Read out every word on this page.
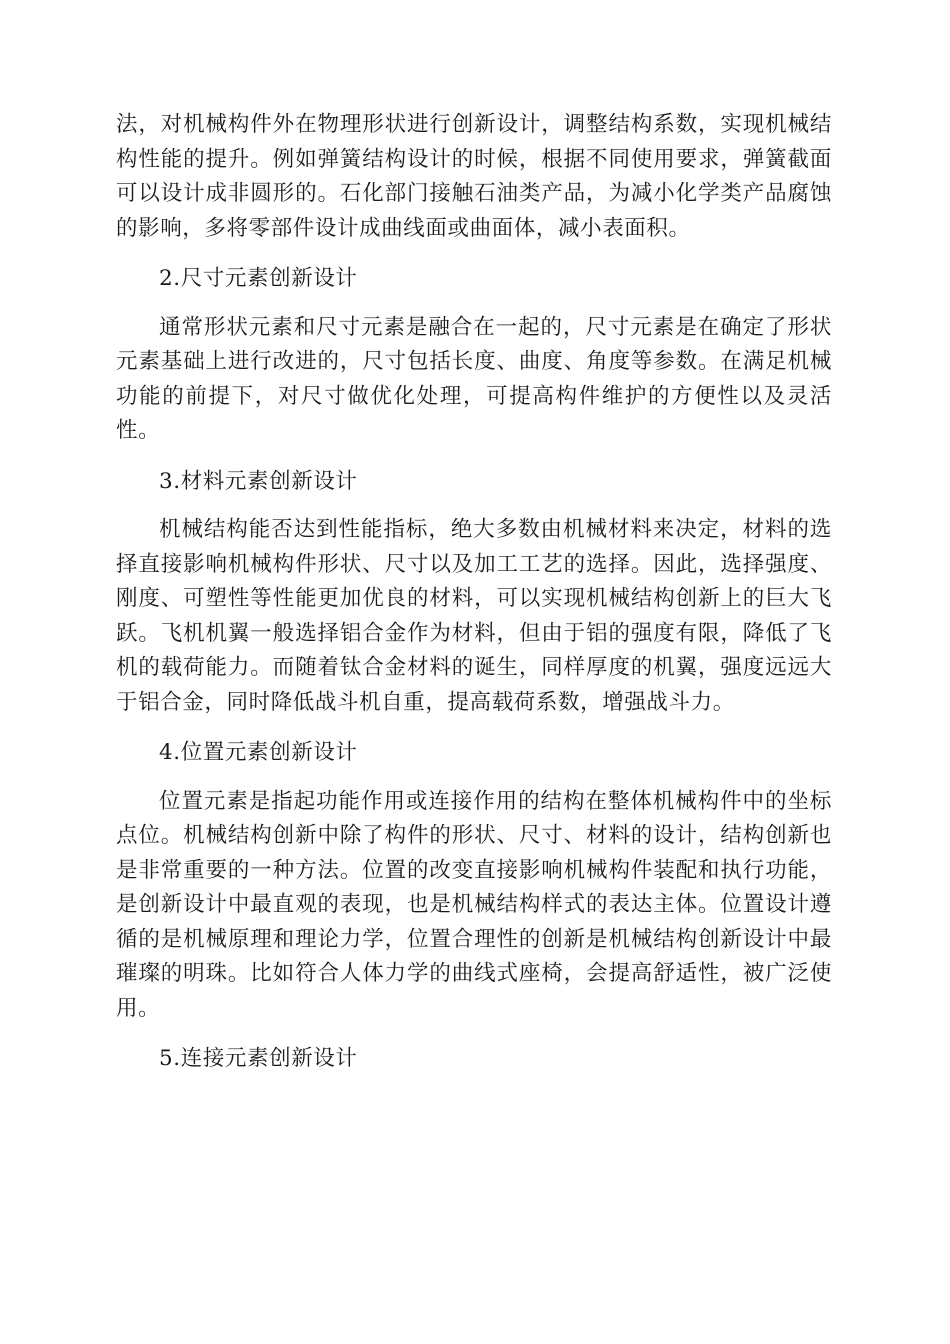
法，对机械构件外在物理形状进行创新设计，调整结构系数，实现机械结构性能的提升。例如弹簧结构设计的时候，根据不同使用要求，弹簧截面可以设计成非圆形的。石化部门接触石油类产品，为减小化学类产品腐蚀的影响，多将零部件设计成曲线面或曲面体，减小表面积。

2.尺寸元素创新设计

通常形状元素和尺寸元素是融合在一起的，尺寸元素是在确定了形状元素基础上进行改进的，尺寸包括长度、曲度、角度等参数。在满足机械功能的前提下，对尺寸做优化处理，可提高构件维护的方便性以及灵活性。

3.材料元素创新设计

机械结构能否达到性能指标，绝大多数由机械材料来决定，材料的选择直接影响机械构件形状、尺寸以及加工工艺的选择。因此，选择强度、刚度、可塑性等性能更加优良的材料，可以实现机械结构创新上的巨大飞跃。飞机机翼一般选择铝合金作为材料，但由于铝的强度有限，降低了飞机的载荷能力。而随着钛合金材料的诞生，同样厚度的机翼，强度远远大于铝合金，同时降低战斗机自重，提高载荷系数，增强战斗力。

4.位置元素创新设计

位置元素是指起功能作用或连接作用的结构在整体机械构件中的坐标点位。机械结构创新中除了构件的形状、尺寸、材料的设计，结构创新也是非常重要的一种方法。位置的改变直接影响机械构件装配和执行功能，是创新设计中最直观的表现，也是机械结构样式的表达主体。位置设计遵循的是机械原理和理论力学，位置合理性的创新是机械结构创新设计中最璀璨的明珠。比如符合人体力学的曲线式座椅，会提高舒适性，被广泛使用。

5.连接元素创新设计
